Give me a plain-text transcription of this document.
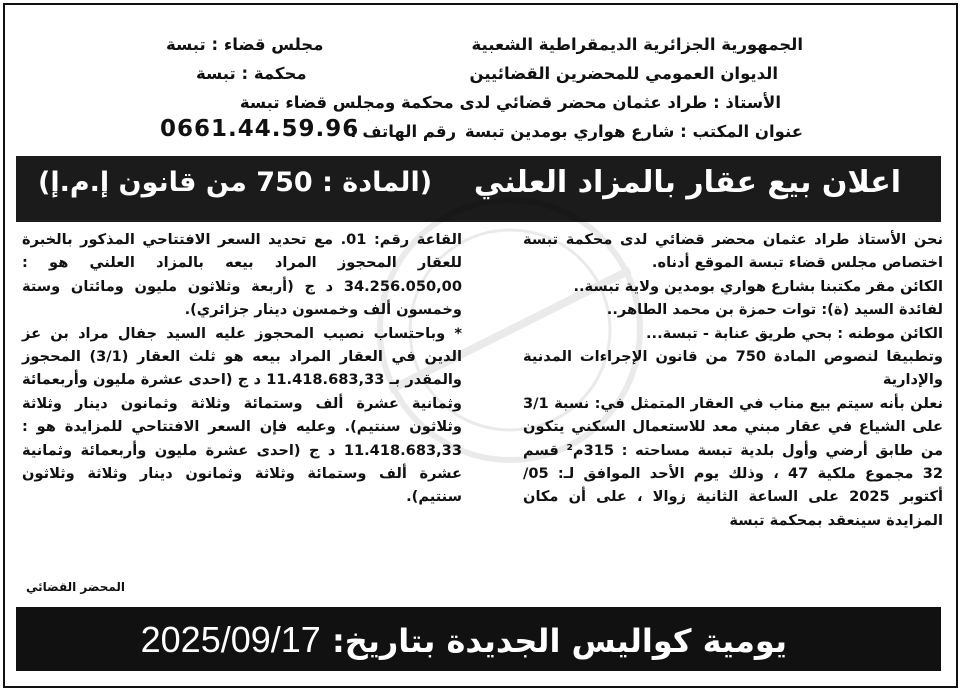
الجمهورية الجزائرية الديمقراطية الشعبية
مجلس قضاء : تبسة
الديوان العمومي للمحضرين القضائيين
محكمة : تبسة
الأستاذ : طراد عثمان محضر قضائي لدى محكمة ومجلس قضاء تبسة
عنوان المكتب : شارع هواري بومدين تبسة
رقم الهاتف :
0661.44.59.96
اعلان بيع عقار بالمزاد العلني
(المادة : 750 من قانون إ.م.إ)

نحن الأستاذ طراد عثمان محضر قضائي لدى محكمة تبسة اختصاص مجلس قضاء تبسة الموقع أدناه.

الكائن مقر مكتبنا بشارع هواري بومدين ولاية تبسة..

لفائدة السيد (ة): توات حمزة بن محمد الطاهر..

الكائن موطنه : بحي طريق عنابة - تبسة...

وتطبيقا لنصوص المادة 750 من قانون الإجراءات المدنية والإدارية

نعلن بأنه سيتم بيع مناب في العقار المتمثل في: نسبة 3/1 على الشياع في عقار مبني معد للاستعمال السكني يتكون من طابق أرضي وأول بلدية تبسة مساحته : 315م² قسم 32 مجموع ملكية 47 ، وذلك يوم الأحد الموافق لـ: 05/أكتوبر 2025 على الساعة الثانية زوالا ، على أن مكان المزايدة سينعقد بمحكمة تبسة

القاعة رقم: 01. مع تحديد السعر الافتتاحي المذكور بالخبرة للعقار المحجوز المراد بيعه بالمزاد العلني هو : 34.256.050,00 د ج (أربعة وثلاثون مليون ومائتان وستة وخمسون ألف وخمسون دينار جزائري).

* وباحتساب نصيب المحجوز عليه السيد جفال مراد بن عز الدين في العقار المراد بيعه هو ثلث العقار (3/1) المحجوز والمقدر بـ 11.418.683,33 د ج (احدى عشرة مليون وأربعمائة وثمانية عشرة ألف وستمائة وثلاثة وثمانون دينار وثلاثة وثلاثون سنتيم). وعليه فإن السعر الافتتاحي للمزايدة هو : 11.418.683,33 د ج (احدى عشرة مليون وأربعمائة وثمانية عشرة ألف وستمائة وثلاثة وثمانون دينار وثلاثة وثلاثون سنتيم).

المحضر القضائي
يومية كواليس الجديدة بتاريخ: 2025/09/17
